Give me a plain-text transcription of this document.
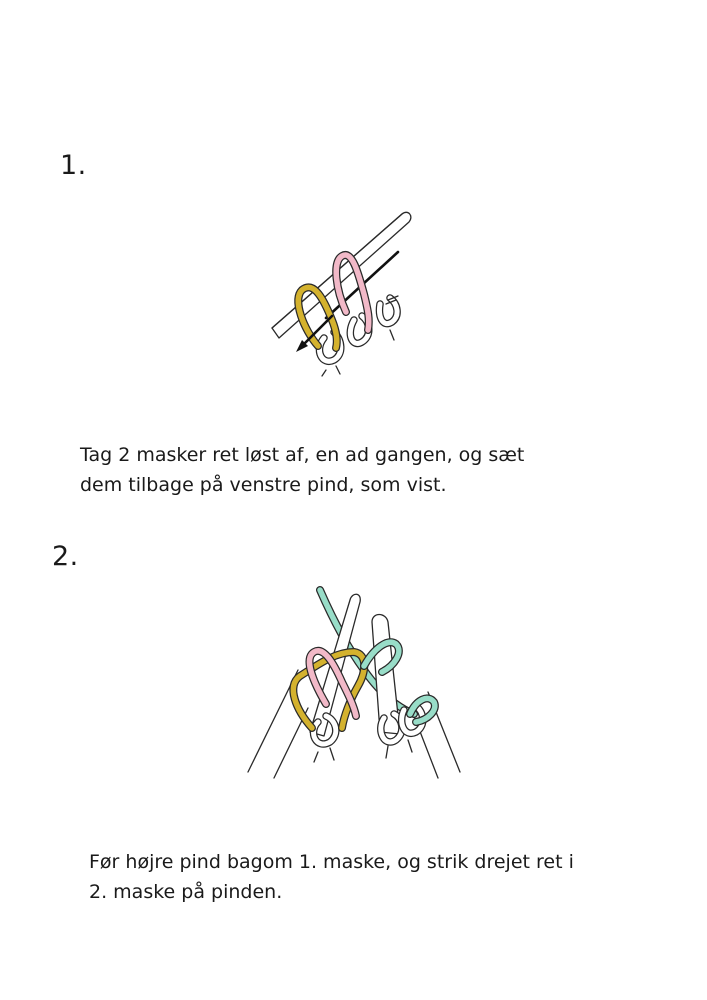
1.
Tag 2 masker ret løst af, en ad gangen, og sæt
dem tilbage på venstre pind, som vist.
2.
Før højre pind bagom 1. maske, og strik drejet ret i
2. maske på pinden.
